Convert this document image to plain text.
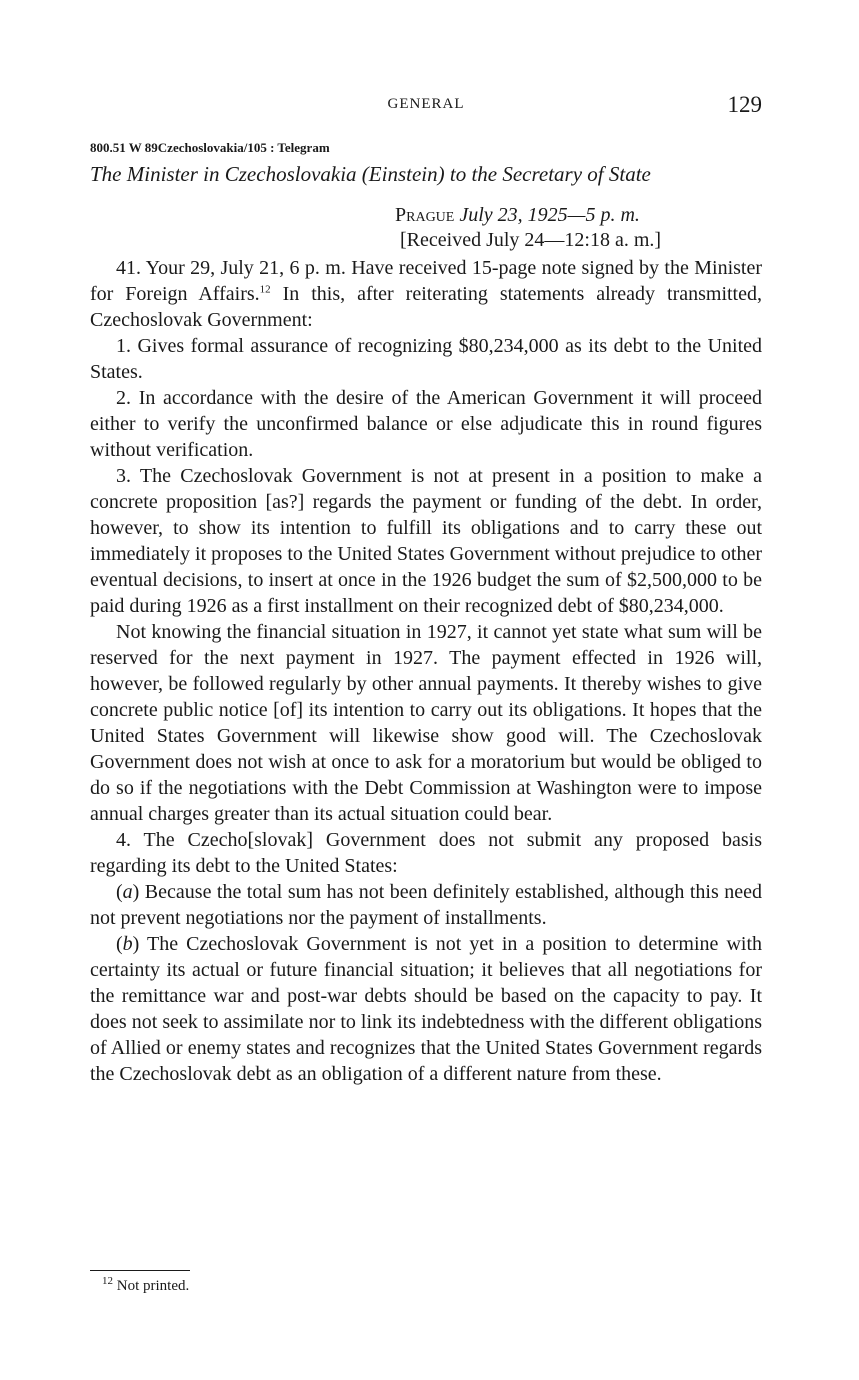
GENERAL	129
800.51 W 89Czechoslovakia/105 : Telegram
The Minister in Czechoslovakia (Einstein) to the Secretary of State
Prague July 23, 1925—5 p. m.
[Received July 24—12:18 a. m.]

41. Your 29, July 21, 6 p. m. Have received 15-page note signed by the Minister for Foreign Affairs.$^{12}$ In this, after reiterating statements already transmitted, Czechoslovak Government:

1. Gives formal assurance of recognizing $80,234,000 as its debt to the United States.

2. In accordance with the desire of the American Government it will proceed either to verify the unconfirmed balance or else adjudicate this in round figures without verification.

3. The Czechoslovak Government is not at present in a position to make a concrete proposition [as?] regards the payment or funding of the debt. In order, however, to show its intention to fulfill its obligations and to carry these out immediately it proposes to the United States Government without prejudice to other eventual decisions, to insert at once in the 1926 budget the sum of $2,500,000 to be paid during 1926 as a first installment on their recognized debt of $80,234,000.

Not knowing the financial situation in 1927, it cannot yet state what sum will be reserved for the next payment in 1927. The payment effected in 1926 will, however, be followed regularly by other annual payments. It thereby wishes to give concrete public notice [of] its intention to carry out its obligations. It hopes that the United States Government will likewise show good will. The Czechoslovak Government does not wish at once to ask for a moratorium but would be obliged to do so if the negotiations with the Debt Commission at Washington were to impose annual charges greater than its actual situation could bear.

4. The Czecho[slovak] Government does not submit any proposed basis regarding its debt to the United States:

(a) Because the total sum has not been definitely established, although this need not prevent negotiations nor the payment of installments.

(b) The Czechoslovak Government is not yet in a position to determine with certainty its actual or future financial situation; it believes that all negotiations for the remittance war and post-war debts should be based on the capacity to pay. It does not seek to assimilate nor to link its indebtedness with the different obligations of Allied or enemy states and recognizes that the United States Government regards the Czechoslovak debt as an obligation of a different nature from these.

$^{12}$ Not printed.
